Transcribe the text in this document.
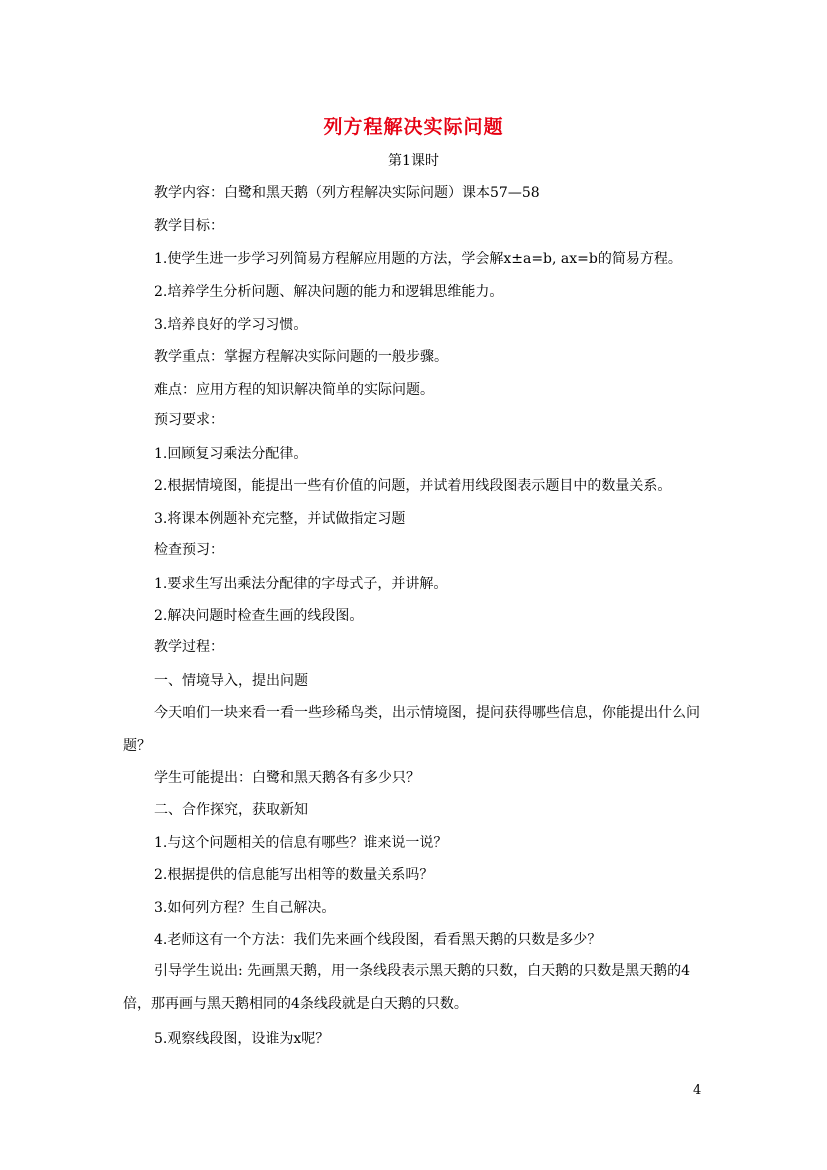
列方程解决实际问题
第1课时
教学内容：白鹭和黑天鹅（列方程解决实际问题）课本57—58
教学目标：
1.使学生进一步学习列简易方程解应用题的方法，学会解x±a=b, ax=b的简易方程。
2.培养学生分析问题、解决问题的能力和逻辑思维能力。
3.培养良好的学习习惯。
教学重点：掌握方程解决实际问题的一般步骤。
难点：应用方程的知识解决简单的实际问题。
预习要求：
1.回顾复习乘法分配律。
2.根据情境图，能提出一些有价值的问题，并试着用线段图表示题目中的数量关系。
3.将课本例题补充完整，并试做指定习题
检查预习：
1.要求生写出乘法分配律的字母式子，并讲解。
2.解决问题时检查生画的线段图。
教学过程：
一、情境导入，提出问题
今天咱们一块来看一看一些珍稀鸟类，出示情境图，提问获得哪些信息，你能提出什么问题？
学生可能提出：白鹭和黑天鹅各有多少只？
二、合作探究，获取新知
1.与这个问题相关的信息有哪些？谁来说一说？
2.根据提供的信息能写出相等的数量关系吗？
3.如何列方程？生自己解决。
4.老师这有一个方法：我们先来画个线段图，看看黑天鹅的只数是多少？
引导学生说出: 先画黑天鹅，用一条线段表示黑天鹅的只数，白天鹅的只数是黑天鹅的4倍，那再画与黑天鹅相同的4条线段就是白天鹅的只数。
5.观察线段图，设谁为x呢？
4
